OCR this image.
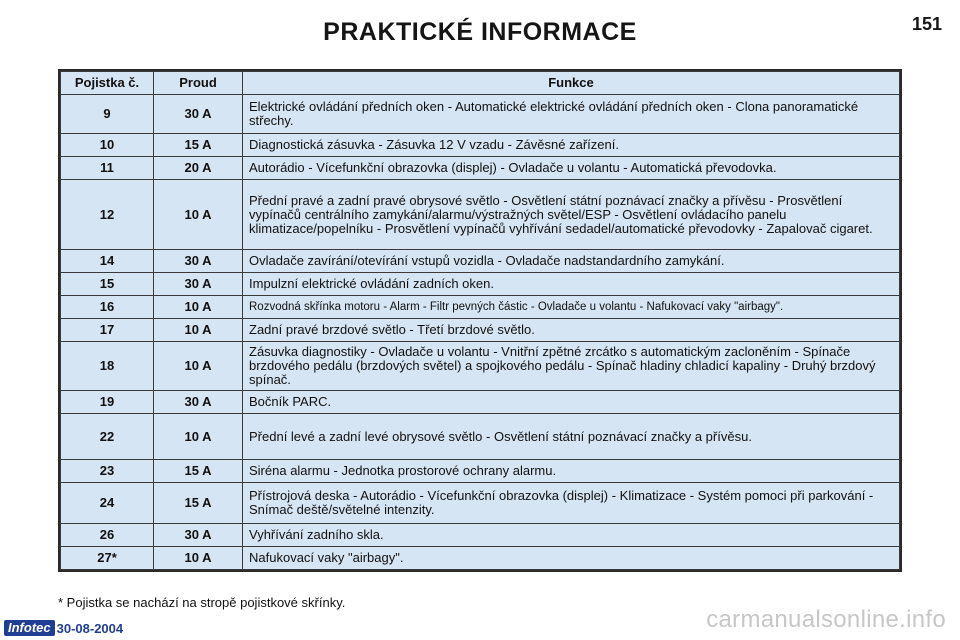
PRAKTICKÉ INFORMACE	151
Pojistka č.	Proud	Funkce
9	30 A	Elektrické ovládání předních oken - Automatické elektrické ovládání předních oken - Clona panoramatické střechy.
10	15 A	Diagnostická zásuvka - Zásuvka 12 V vzadu - Závěsné zařízení.
11	20 A	Autorádio - Vícefunkční obrazovka (displej) - Ovladače u volantu - Automatická převodovka.
12	10 A	Přední pravé a zadní pravé obrysové světlo - Osvětlení státní poznávací značky a přívěsu - Prosvětlení vypínačů centrálního zamykání/alarmu/výstražných světel/ESP - Osvětlení ovládacího panelu klimatizace/popelníku - Prosvětlení vypínačů vyhřívání sedadel/automatické převodovky - Zapalovač cigaret.
14	30 A	Ovladače zavírání/otevírání vstupů vozidla - Ovladače nadstandardního zamykání.
15	30 A	Impulzní elektrické ovládání zadních oken.
16	10 A	Rozvodná skřínka motoru - Alarm - Filtr pevných částic - Ovladače u volantu - Nafukovací vaky "airbagy".
17	10 A	Zadní pravé brzdové světlo - Třetí brzdové světlo.
18	10 A	Zásuvka diagnostiky - Ovladače u volantu - Vnitřní zpětné zrcátko s automatickým zacloněním - Spínače brzdového pedálu (brzdových světel) a spojkového pedálu - Spínač hladiny chladicí kapaliny - Druhý brzdový spínač.
19	30 A	Bočník PARC.
22	10 A	Přední levé a zadní levé obrysové světlo - Osvětlení státní poznávací značky a přívěsu.
23	15 A	Siréna alarmu - Jednotka prostorové ochrany alarmu.
24	15 A	Přístrojová deska - Autorádio - Vícefunkční obrazovka (displej) - Klimatizace - Systém pomoci při parkování - Snímač deště/světelné intenzity.
26	30 A	Vyhřívání zadního skla.
27*	10 A	Nafukovací vaky "airbagy".
* Pojistka se nachází na stropě pojistkové skřínky.
Infotec 30-08-2004	carmanualsonline.info
